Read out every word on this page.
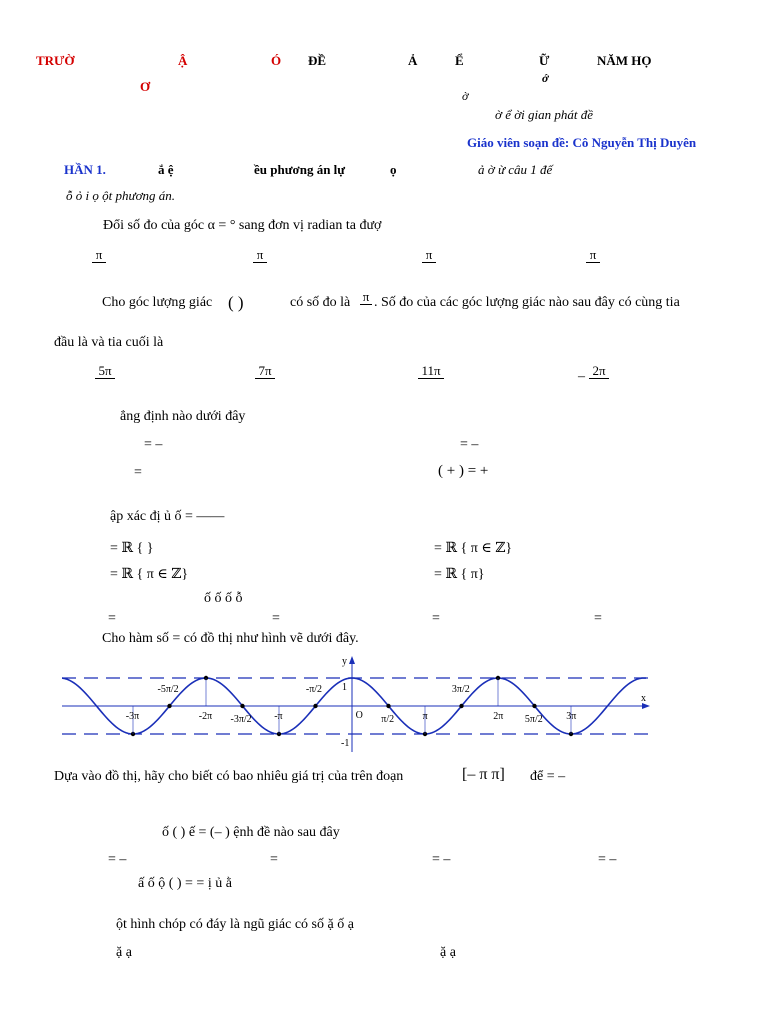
TRƯỜ	Ậ	Ó ĐỀ	Ả	Ể	Ữ	NĂM HỌ
Ơ
ớ
ờ
ờ ể ời gian phát đề
Giáo viên soạn đề: Cô Nguyễn Thị Duyên
HẦN 1.	ắ ệ	ều phương án lự	ọ	ả ờ ừ câu 1 đế
ỗ ỏ i ọ ột phương án.
Đổi số đo của góc α = ° sang đơn vị radian ta đượ
π	π	π	π
Cho góc lượng giác ( )	có số đo là π . Số đo của các góc lượng giác nào sau đây có cùng tia
đầu là và tia cuối là
5π	7π	11π	– 2π
ẳng định nào dưới đây
= –	= –
=	( + ) = +
ập xác đị ủ ố = ——
= ℝ { }	= ℝ { π ∈ ℤ}
= ℝ { π ∈ ℤ}	= ℝ { π}
ố ố ố ỗ
=	=	=	=
Cho hàm số = có đồ thị như hình vẽ dưới đây.
-3π
-5π/2
-2π -3π/2 -π
-π/2
O π/2	π
3π/2
2π 5π/2 3π
y
1
-1
x
Dựa vào đồ thị, hãy cho biết có bao nhiêu giá trị của trên đoạn	[– π π] để = –
ố ( ) ế = (– ) ệnh đề nào sau đây
= –	=	= –	= –
ấ ố ộ ( ) = = ị ủ ằ
ột hình chóp có đáy là ngũ giác có số ặ ố ạ
ặ ạ	ặ ạ
